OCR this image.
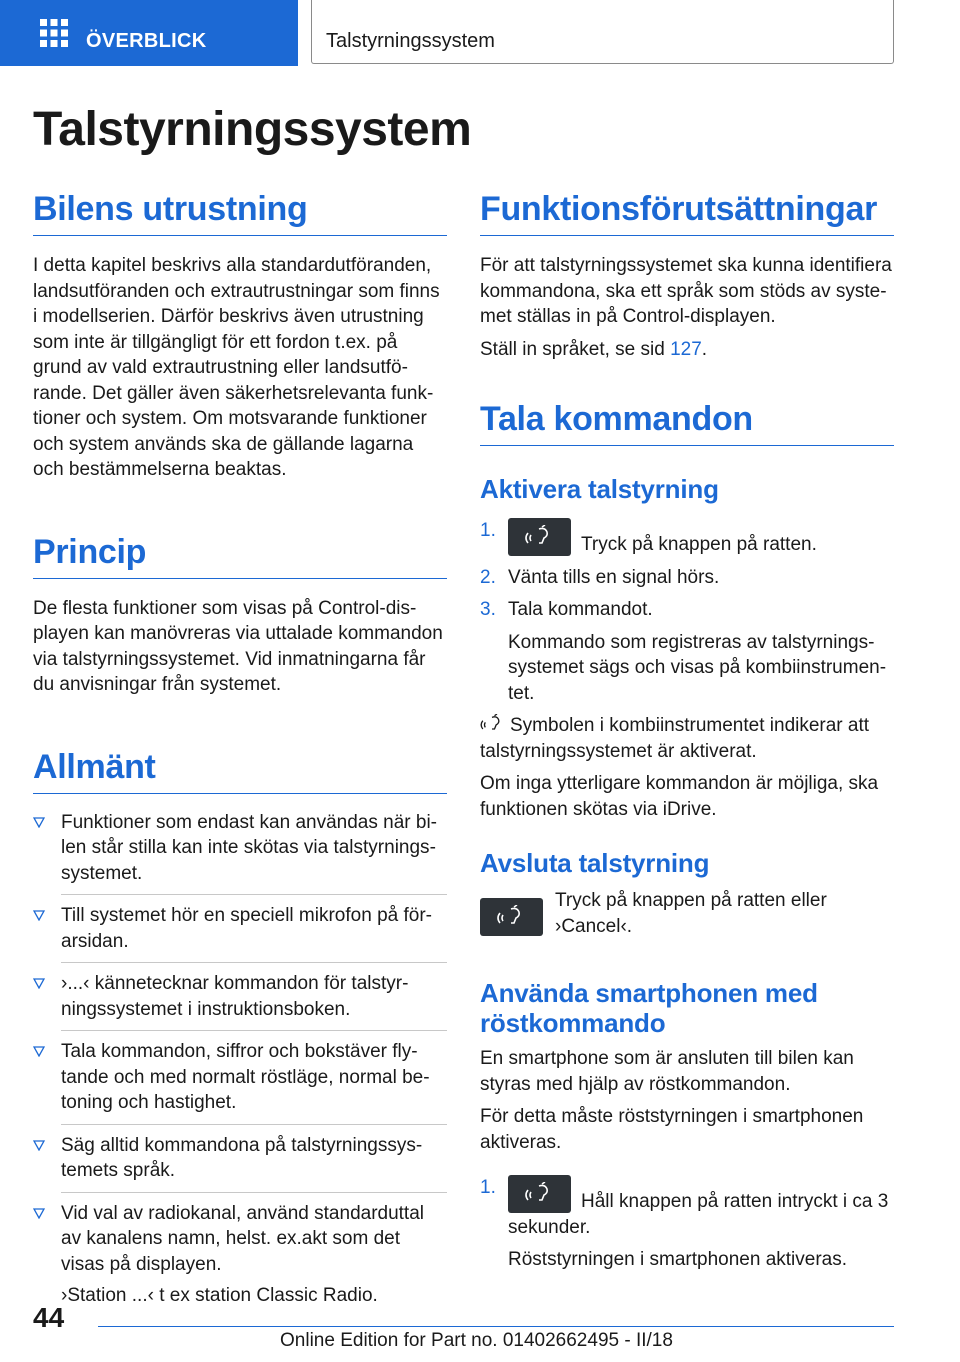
ÖVERBLICK	Talstyrningssystem
Talstyrningssystem
Bilens utrustning

I detta kapitel beskrivs alla standardutföranden, landsutföranden och extrautrustningar som finns i modellserien. Därför beskrivs även utrustning som inte är tillgängligt för ett fordon t.ex. på grund av vald extrautrustning eller landsutförande. Det gäller även säkerhetsrelevanta funktioner och system. Om motsvarande funktioner och system används ska de gällande lagarna och bestämmelserna beaktas.

Princip

De flesta funktioner som visas på Control-displayen kan manövreras via uttalade kommandon via talstyrningssystemet. Vid inmatningarna får du anvisningar från systemet.

Allmänt
Funktioner som endast kan användas när bilen står stilla kan inte skötas via talstyrningssystemet.
Till systemet hör en speciell mikrofon på förarsidan.
›...‹ kännetecknar kommandon för talstyrningssystemet i instruktionsboken.
Tala kommandon, siffror och bokstäver flytande och med normalt röstläge, normal betoning och hastighet.
Säg alltid kommandona på talstyrningssystemets språk.
Vid val av radiokanal, använd standarduttal av kanalens namn, helst. ex.akt som det visas på displayen.
›Station ...‹ t ex station Classic Radio.
Funktionsförutsättningar

För att talstyrningssystemet ska kunna identifiera kommandona, ska ett språk som stöds av systemet ställas in på Control-displayen.

Ställ in språket, se sid 127.

Tala kommandon
Aktivera talstyrning
1.
Tryck på knappen på ratten.
2. Vänta tills en signal hörs.
3. Tala kommandot.
Kommando som registreras av talstyrningssystemet sägs och visas på kombiinstrumentet.

Symbolen i kombiinstrumentet indikerar att talstyrningssystemet är aktiverat.

Om inga ytterligare kommandon är möjliga, ska funktionen skötas via iDrive.

Avsluta talstyrning

Tryck på knappen på ratten eller ›Cancel‹.

Använda smartphonen med röstkommando

En smartphone som är ansluten till bilen kan styras med hjälp av röstkommandon.

För detta måste röststyrningen i smartphonen aktiveras.

1.
Håll knappen på ratten intryckt i ca 3 sekunder.
Röststyrningen i smartphonen aktiveras.
44
Online Edition for Part no. 01402662495 - II/18
